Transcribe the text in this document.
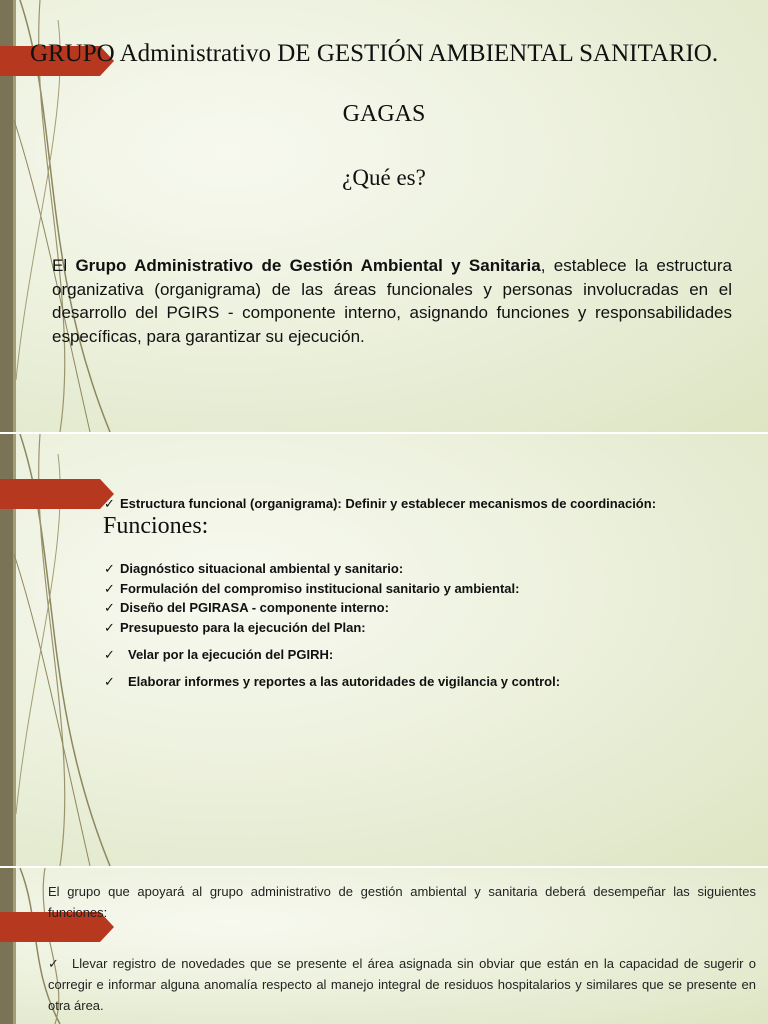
GRUPO Administrativo DE GESTIÓN AMBIENTAL SANITARIO.
GAGAS
¿Qué es?
El Grupo Administrativo de Gestión Ambiental y Sanitaria, establece la estructura organizativa (organigrama) de las áreas funcionales y personas involucradas en el desarrollo del PGIRS - componente interno, asignando funciones y responsabilidades específicas, para garantizar su ejecución.
✓ Estructura funcional (organigrama): Definir y establecer mecanismos de coordinación:
Funciones:
✓ Diagnóstico situacional ambiental y sanitario:
✓ Formulación del compromiso institucional sanitario y ambiental:
✓ Diseño del PGIRASA - componente interno:
✓ Presupuesto para la ejecución del Plan:
✓ Velar por la ejecución del PGIRH:
✓ Elaborar informes y reportes a las autoridades de vigilancia y control:
El grupo que apoyará al grupo administrativo de gestión ambiental y sanitaria deberá desempeñar las siguientes funciones:
✓ Llevar registro de novedades que se presente el área asignada sin obviar que están en la capacidad de sugerir o corregir e informar alguna anomalía respecto al manejo integral de residuos hospitalarios y similares que se presente en otra área.
